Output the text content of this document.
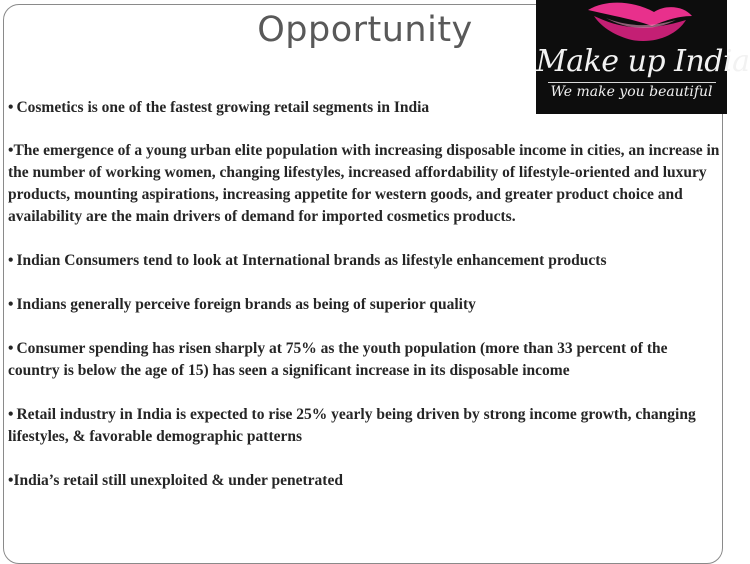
Opportunity
Make up India
We make you beautiful
• Cosmetics is one of the fastest growing retail segments in India
•The emergence of a young urban elite population with increasing disposable income in cities, an increase in the number of working women, changing lifestyles, increased affordability of lifestyle-oriented and luxury products, mounting aspirations, increasing appetite for western goods, and greater product choice and availability are the main drivers of demand for imported cosmetics products.
• Indian Consumers tend to look at International brands as lifestyle enhancement products
• Indians generally perceive foreign brands as being of superior quality
• Consumer spending has risen sharply at 75% as the youth population (more than 33 percent of the country is below the age of 15) has seen a significant increase in its disposable income
• Retail industry in India is expected to rise 25% yearly being driven by strong income growth, changing lifestyles, & favorable demographic patterns
•India’s retail still unexploited & under penetrated
